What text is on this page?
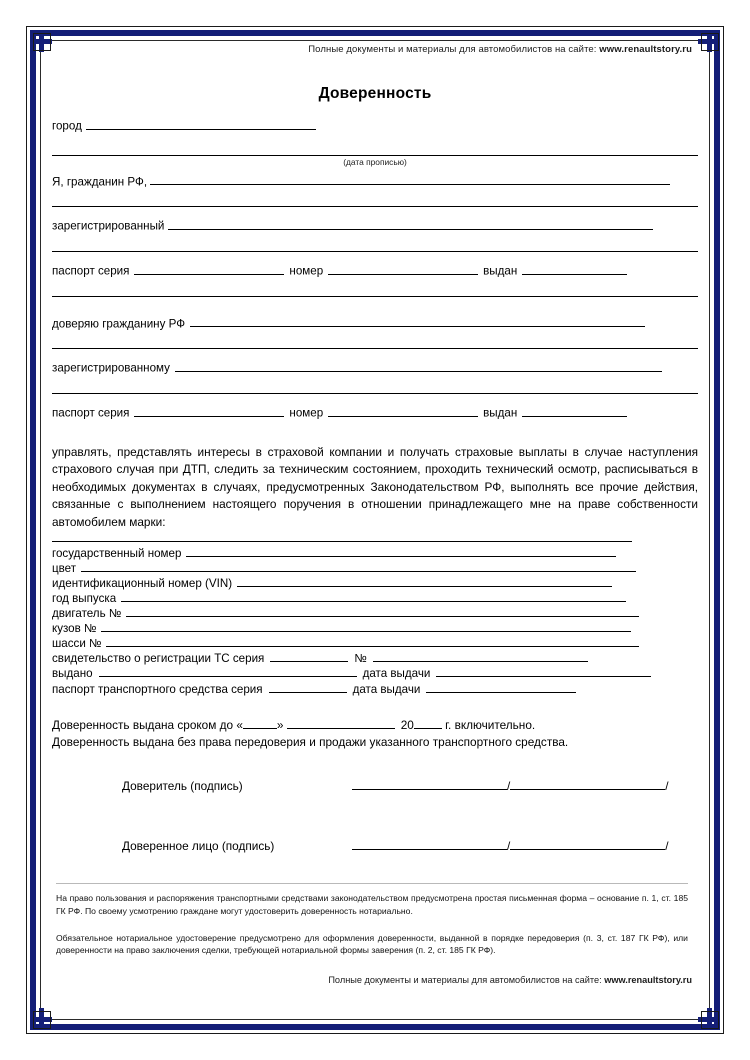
Полные документы и материалы для автомобилистов на сайте: www.renaultstory.ru
Доверенность
город
(дата прописью)
Я, гражданин РФ,
зарегистрированный
паспорт серия	номер	выдан
доверяю гражданину РФ
зарегистрированному
паспорт серия	номер	выдан
управлять, представлять интересы в страховой компании и получать страховые выплаты в случае наступления страхового случая при ДТП, следить за техническим состоянием, проходить технический осмотр, расписываться в необходимых документах в случаях, предусмотренных Законодательством РФ, выполнять все прочие действия, связанные с выполнением настоящего поручения в отношении принадлежащего мне на праве собственности автомобилем марки:
государственный номер
цвет
идентификационный номер (VIN)
год выпуска
двигатель №
кузов №
шасси №
свидетельство о регистрации ТС серия	№
выдано	дата выдачи
паспорт транспортного средства серия	дата выдачи
Доверенность выдана сроком до «	»	20 г. включительно.
Доверенность выдана без права передоверия и продажи указанного транспортного средства.
Доверитель (подпись)	/	/
Доверенное лицо (подпись)	/	/
На право пользования и распоряжения транспортными средствами законодательством предусмотрена простая письменная форма – основание п. 1, ст. 185 ГК РФ. По своему усмотрению граждане могут удостоверить доверенность нотариально.
Обязательное нотариальное удостоверение предусмотрено для оформления доверенности, выданной в порядке передоверия (п. 3, ст. 187 ГК РФ), или доверенности на право заключения сделки, требующей нотариальной формы заверения (п. 2, ст. 185 ГК РФ).
Полные документы и материалы для автомобилистов на сайте: www.renaultstory.ru
